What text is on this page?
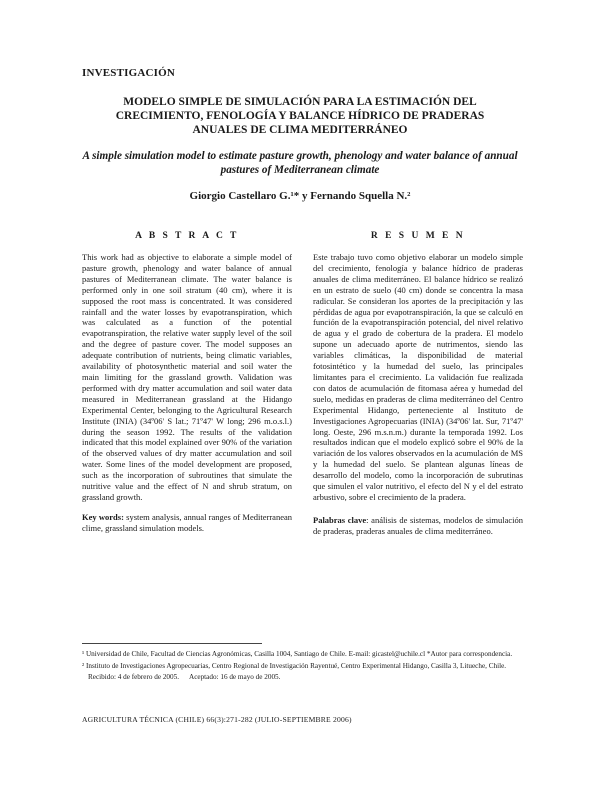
INVESTIGACIÓN

MODELO SIMPLE DE SIMULACIÓN PARA LA ESTIMACIÓN DEL CRECIMIENTO, FENOLOGÍA Y BALANCE HÍDRICO DE PRADERAS ANUALES DE CLIMA MEDITERRÁNEO
A simple simulation model to estimate pasture growth, phenology and water balance of annual pastures of Mediterranean climate

Giorgio Castellaro G.¹* y Fernando Squella N.²

A B S T R A C T

This work had as objective to elaborate a simple model of pasture growth, phenology and water balance of annual pastures of Mediterranean climate. The water balance is performed only in one soil stratum (40 cm), where it is supposed the root mass is concentrated. It was considered rainfall and the water losses by evapotranspiration, which was calculated as a function of the potential evapotranspiration, the relative water supply level of the soil and the degree of pasture cover. The model supposes an adequate contribution of nutrients, being climatic variables, availability of photosynthetic material and soil water the main limiting for the grassland growth. Validation was performed with dry matter accumulation and soil water data measured in Mediterranean grassland at the Hidango Experimental Center, belonging to the Agricultural Research Institute (INIA) (34º06' S lat.; 71º47' W long; 296 m.o.s.l.) during the season 1992. The results of the validation indicated that this model explained over 90% of the variation of the observed values of dry matter accumulation and soil water. Some lines of the model development are proposed, such as the incorporation of subroutines that simulate the nutritive value and the effect of N and shrub stratum, on grassland growth.

Key words: system analysis, annual ranges of Mediterranean clime, grassland simulation models.

R E S U M E N

Este trabajo tuvo como objetivo elaborar un modelo simple del crecimiento, fenología y balance hídrico de praderas anuales de clima mediterráneo. El balance hídrico se realizó en un estrato de suelo (40 cm) donde se concentra la masa radicular. Se consideran los aportes de la precipitación y las pérdidas de agua por evapotranspiración, la que se calculó en función de la evapotranspiración potencial, del nivel relativo de agua y el grado de cobertura de la pradera. El modelo supone un adecuado aporte de nutrimentos, siendo las variables climáticas, la disponibilidad de material fotosintético y la humedad del suelo, las principales limitantes para el crecimiento. La validación fue realizada con datos de acumulación de fitomasa aérea y humedad del suelo, medidas en praderas de clima mediterráneo del Centro Experimental Hidango, perteneciente al Instituto de Investigaciones Agropecuarias (INIA) (34º06' lat. Sur, 71º47' long. Oeste, 296 m.s.n.m.) durante la temporada 1992. Los resultados indican que el modelo explicó sobre el 90% de la variación de los valores observados en la acumulación de MS y la humedad del suelo. Se plantean algunas líneas de desarrollo del modelo, como la incorporación de subrutinas que simulen el valor nutritivo, el efecto del N y el del estrato arbustivo, sobre el crecimiento de la pradera.

Palabras clave: análisis de sistemas, modelos de simulación de praderas, praderas anuales de clima mediterráneo.

¹ Universidad de Chile, Facultad de Ciencias Agronómicas, Casilla 1004, Santiago de Chile. E-mail: gicastel@uchile.cl *Autor para correspondencia.

² Instituto de Investigaciones Agropecuarias, Centro Regional de Investigación Rayentué, Centro Experimental Hidango, Casilla 3, Litueche, Chile.

Recibido: 4 de febrero de 2005. Aceptado: 16 de mayo de 2005.

AGRICULTURA TÉCNICA (CHILE) 66(3):271-282 (JULIO-SEPTIEMBRE 2006)
